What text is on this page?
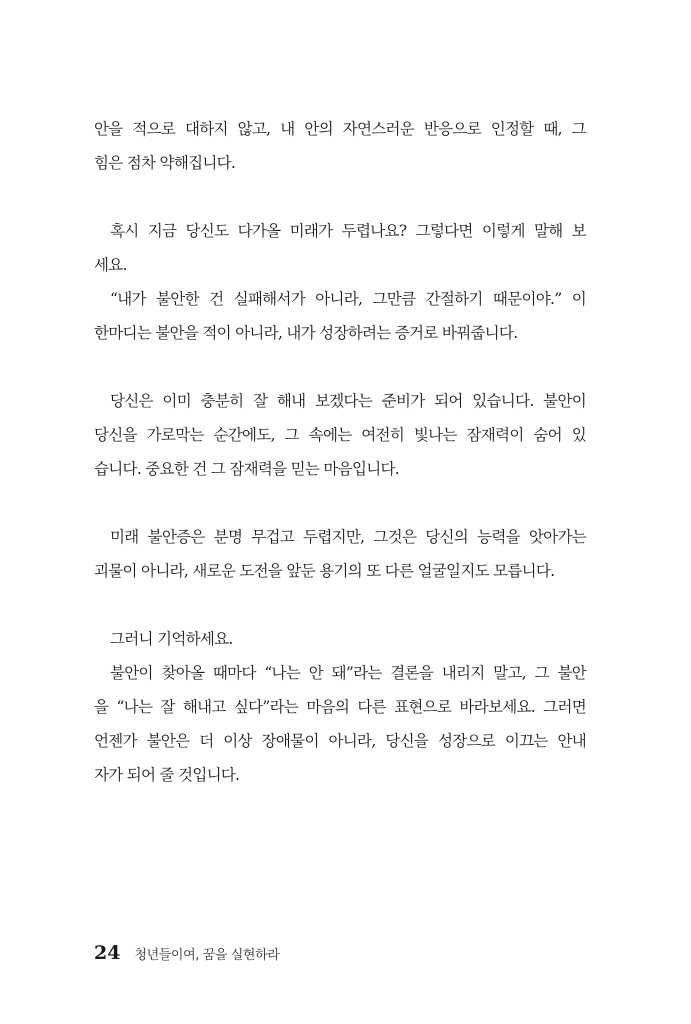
안을 적으로 대하지 않고, 내 안의 자연스러운 반응으로 인정할 때, 그
힘은 점차 약해집니다.
혹시 지금 당신도 다가올 미래가 두렵나요? 그렇다면 이렇게 말해 보
세요.
“내가 불안한 건 실패해서가 아니라, 그만큼 간절하기 때문이야.” 이
한마디는 불안을 적이 아니라, 내가 성장하려는 증거로 바꿔줍니다.
당신은 이미 충분히 잘 해내 보겠다는 준비가 되어 있습니다. 불안이
당신을 가로막는 순간에도, 그 속에는 여전히 빛나는 잠재력이 숨어 있
습니다. 중요한 건 그 잠재력을 믿는 마음입니다.
미래 불안증은 분명 무겁고 두렵지만, 그것은 당신의 능력을 앗아가는
괴물이 아니라, 새로운 도전을 앞둔 용기의 또 다른 얼굴일지도 모릅니다.
그러니 기억하세요.
불안이 찾아올 때마다 “나는 안 돼”라는 결론을 내리지 말고, 그 불안
을 “나는 잘 해내고 싶다”라는 마음의 다른 표현으로 바라보세요. 그러면
언젠가 불안은 더 이상 장애물이 아니라, 당신을 성장으로 이끄는 안내
자가 되어 줄 것입니다.
24 청년들이여, 꿈을 실현하라
